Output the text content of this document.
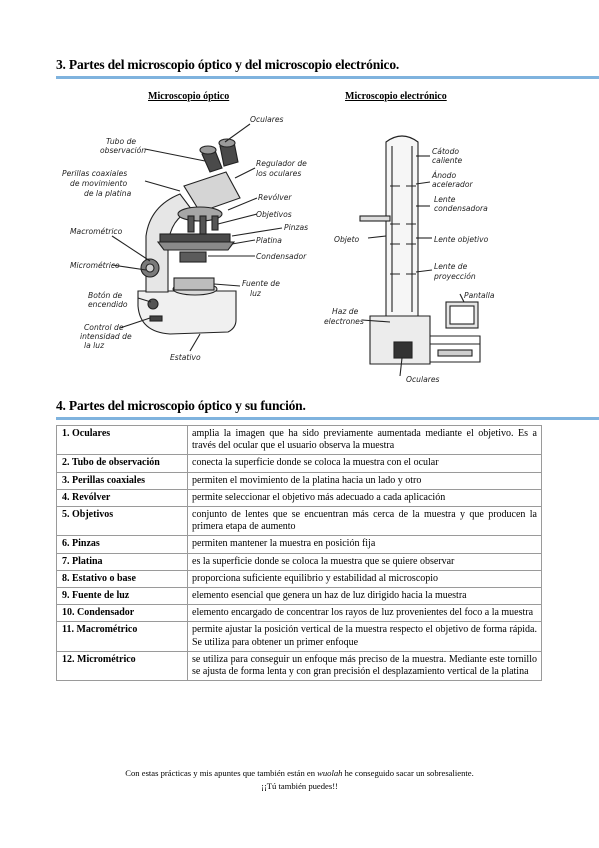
3. Partes del microscopio óptico y del microscopio electrónico.
Microscopio óptico	Microscopio electrónico
Oculares
Tubo de
observación
Perillas coaxiales
de movimiento
de la platina
Regulador de
los oculares
Revólver
Objetivos
Pinzas
Platina
Condensador
Macrométrico
Micrométrico
Fuente de
luz
Botón de
encendido
Control de
intensidad de
la luz
Estativo
Cátodo
caliente
Ánodo
acelerador
Lente
condensadora
Objeto	Lente objetivo
Lente de
proyección
Pantalla
Haz de
electrones
Oculares
4. Partes del microscopio óptico y su función.
1. Oculares	amplia la imagen que ha sido previamente aumentada mediante el objetivo. Es a través del ocular que el usuario observa la muestra
2. Tubo de observación	conecta la superficie donde se coloca la muestra con el ocular
3. Perillas coaxiales	permiten el movimiento de la platina hacia un lado y otro
4. Revólver	permite seleccionar el objetivo más adecuado a cada aplicación
5. Objetivos	conjunto de lentes que se encuentran más cerca de la muestra y que producen la primera etapa de aumento
6. Pinzas	permiten mantener la muestra en posición fija
7. Platina	es la superficie donde se coloca la muestra que se quiere observar
8. Estativo o base	proporciona suficiente equilibrio y estabilidad al microscopio
9. Fuente de luz	elemento esencial que genera un haz de luz dirigido hacia la muestra
10. Condensador	elemento encargado de concentrar los rayos de luz provenientes del foco a la muestra
11. Macrométrico	permite ajustar la posición vertical de la muestra respecto el objetivo de forma rápida. Se utiliza para obtener un primer enfoque
12. Micrométrico	se utiliza para conseguir un enfoque más preciso de la muestra. Mediante este tornillo se ajusta de forma lenta y con gran precisión el desplazamiento vertical de la platina
Con estas prácticas y mis apuntes que también están en wuolah he conseguido sacar un sobresaliente.
¡¡Tú también puedes!!
